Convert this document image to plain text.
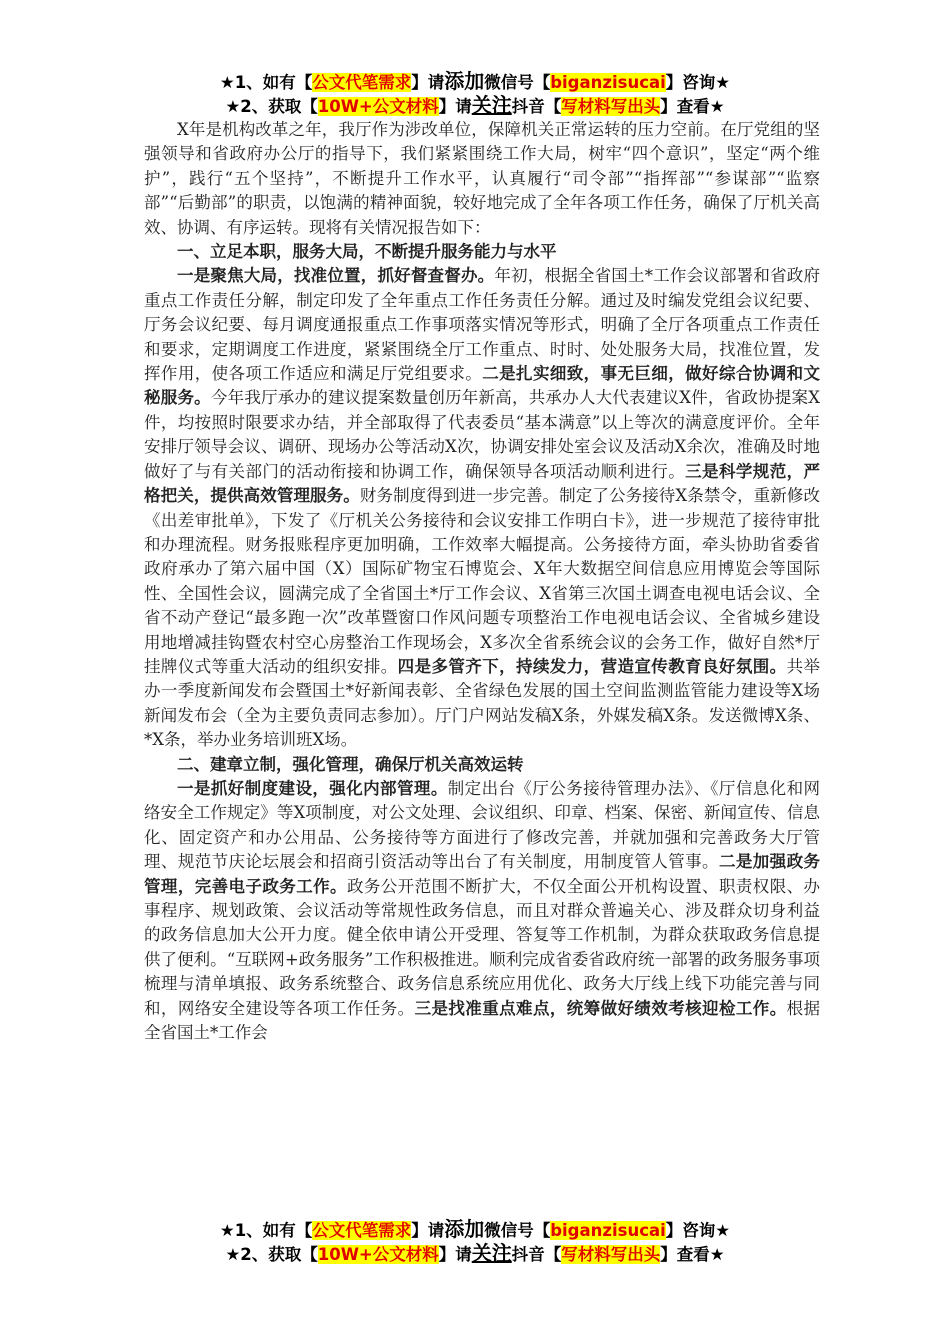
★1、如有【公文代笔需求】请添加微信号【biganzisucai】咨询★
★2、获取【10W+公文材料】请关注抖音【写材料写出头】查看★

X年是机构改革之年，我厅作为涉改单位，保障机关正常运转的压力空前。在厅党组的坚强领导和省政府办公厅的指导下，我们紧紧围绕工作大局，树牢“四个意识”，坚定“两个维护”，践行“五个坚持”，不断提升工作水平，认真履行“司令部”“指挥部”“参谋部”“监察部”“后勤部”的职责，以饱满的精神面貌，较好地完成了全年各项工作任务，确保了厅机关高效、协调、有序运转。现将有关情况报告如下：

一、立足本职，服务大局，不断提升服务能力与水平

一是聚焦大局，找准位置，抓好督查督办。年初，根据全省国土*工作会议部署和省政府重点工作责任分解，制定印发了全年重点工作任务责任分解。通过及时编发党组会议纪要、厅务会议纪要、每月调度通报重点工作事项落实情况等形式，明确了全厅各项重点工作责任和要求，定期调度工作进度，紧紧围绕全厅工作重点、时时、处处服务大局，找准位置，发挥作用，使各项工作适应和满足厅党组要求。二是扎实细致，事无巨细，做好综合协调和文秘服务。今年我厅承办的建议提案数量创历年新高，共承办人大代表建议X件，省政协提案X件，均按照时限要求办结，并全部取得了代表委员“基本满意”以上等次的满意度评价。全年安排厅领导会议、调研、现场办公等活动X次，协调安排处室会议及活动X余次，准确及时地做好了与有关部门的活动衔接和协调工作，确保领导各项活动顺利进行。三是科学规范，严格把关，提供高效管理服务。财务制度得到进一步完善。制定了公务接待X条禁令，重新修改《出差审批单》，下发了《厅机关公务接待和会议安排工作明白卡》，进一步规范了接待审批和办理流程。财务报账程序更加明确，工作效率大幅提高。公务接待方面，牵头协助省委省政府承办了第六届中国（X）国际矿物宝石博览会、X年大数据空间信息应用博览会等国际性、全国性会议，圆满完成了全省国土*厅工作会议、X省第三次国土调查电视电话会议、全省不动产登记“最多跑一次”改革暨窗口作风问题专项整治工作电视电话会议、全省城乡建设用地增减挂钩暨农村空心房整治工作现场会，X多次全省系统会议的会务工作，做好自然*厅挂牌仪式等重大活动的组织安排。四是多管齐下，持续发力，营造宣传教育良好氛围。共举办一季度新闻发布会暨国土*好新闻表彰、全省绿色发展的国土空间监测监管能力建设等X场新闻发布会（全为主要负责同志参加）。厅门户网站发稿X条，外媒发稿X条。发送微博X条、*X条，举办业务培训班X场。

二、建章立制，强化管理，确保厅机关高效运转

一是抓好制度建设，强化内部管理。制定出台《厅公务接待管理办法》、《厅信息化和网络安全工作规定》等X项制度，对公文处理、会议组织、印章、档案、保密、新闻宣传、信息化、固定资产和办公用品、公务接待等方面进行了修改完善，并就加强和完善政务大厅管理、规范节庆论坛展会和招商引资活动等出台了有关制度，用制度管人管事。二是加强政务管理，完善电子政务工作。政务公开范围不断扩大，不仅全面公开机构设置、职责权限、办事程序、规划政策、会议活动等常规性政务信息，而且对群众普遍关心、涉及群众切身利益的政务信息加大公开力度。健全依申请公开受理、答复等工作机制，为群众获取政务信息提供了便利。“互联网+政务服务”工作积极推进。顺利完成省委省政府统一部署的政务服务事项梳理与清单填报、政务系统整合、政务信息系统应用优化、政务大厅线上线下功能完善与同和，网络安全建设等各项工作任务。三是找准重点难点，统筹做好绩效考核迎检工作。根据全省国土*工作会

★1、如有【公文代笔需求】请添加微信号【biganzisucai】咨询★
★2、获取【10W+公文材料】请关注抖音【写材料写出头】查看★
